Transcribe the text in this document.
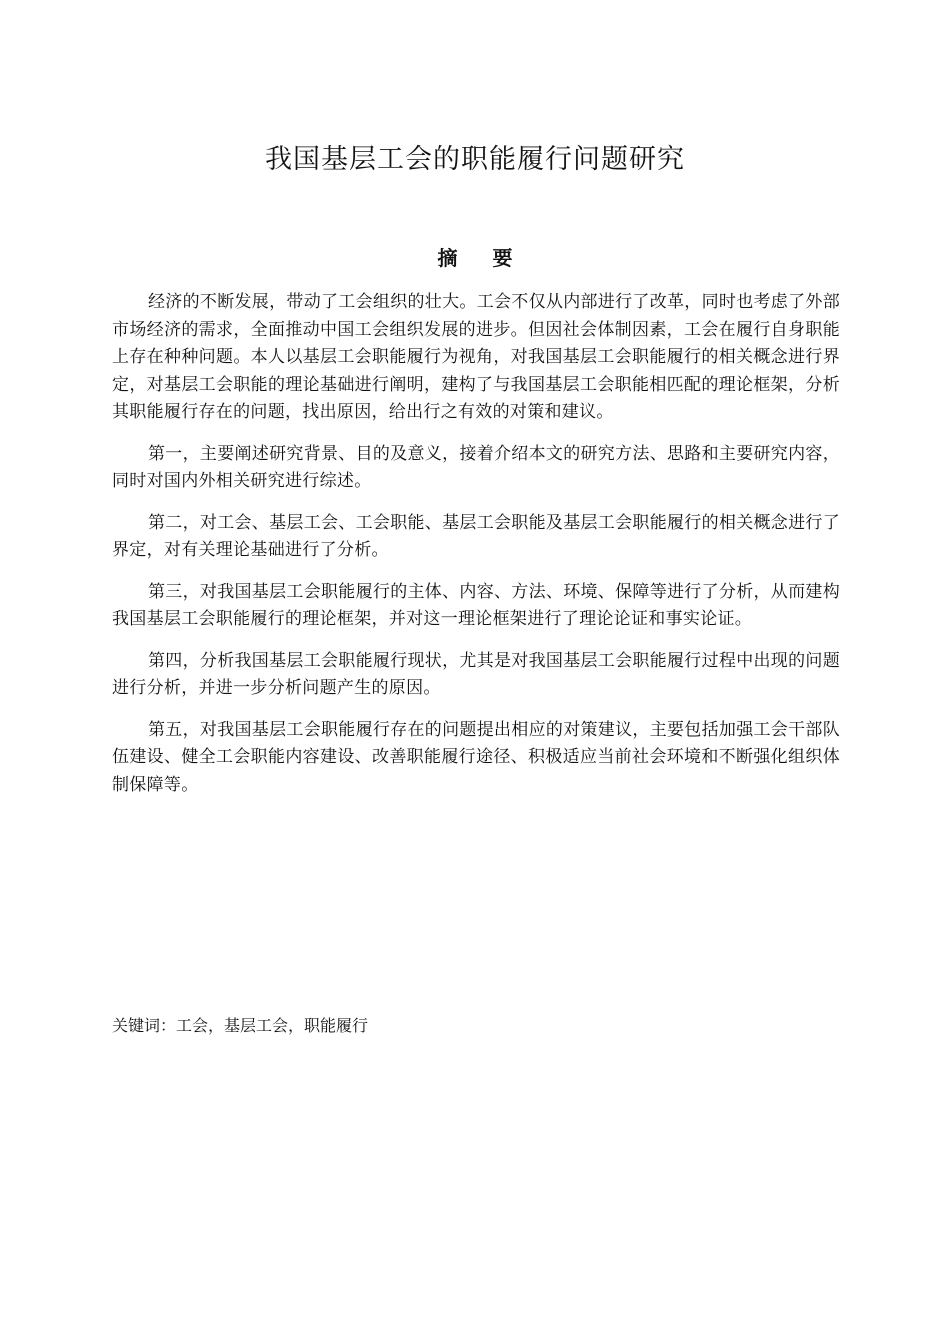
我国基层工会的职能履行问题研究
摘 要

经济的不断发展，带动了工会组织的壮大。工会不仅从内部进行了改革，同时也考虑了外部市场经济的需求，全面推动中国工会组织发展的进步。但因社会体制因素，工会在履行自身职能上存在种种问题。本人以基层工会职能履行为视角，对我国基层工会职能履行的相关概念进行界定，对基层工会职能的理论基础进行阐明，建构了与我国基层工会职能相匹配的理论框架，分析其职能履行存在的问题，找出原因，给出行之有效的对策和建议。

第一，主要阐述研究背景、目的及意义，接着介绍本文的研究方法、思路和主要研究内容，同时对国内外相关研究进行综述。

第二，对工会、基层工会、工会职能、基层工会职能及基层工会职能履行的相关概念进行了界定，对有关理论基础进行了分析。

第三，对我国基层工会职能履行的主体、内容、方法、环境、保障等进行了分析，从而建构我国基层工会职能履行的理论框架，并对这一理论框架进行了理论论证和事实论证。

第四，分析我国基层工会职能履行现状，尤其是对我国基层工会职能履行过程中出现的问题进行分析，并进一步分析问题产生的原因。

第五，对我国基层工会职能履行存在的问题提出相应的对策建议，主要包括加强工会干部队伍建设、健全工会职能内容建设、改善职能履行途径、积极适应当前社会环境和不断强化组织体制保障等。

关键词：工会，基层工会，职能履行
